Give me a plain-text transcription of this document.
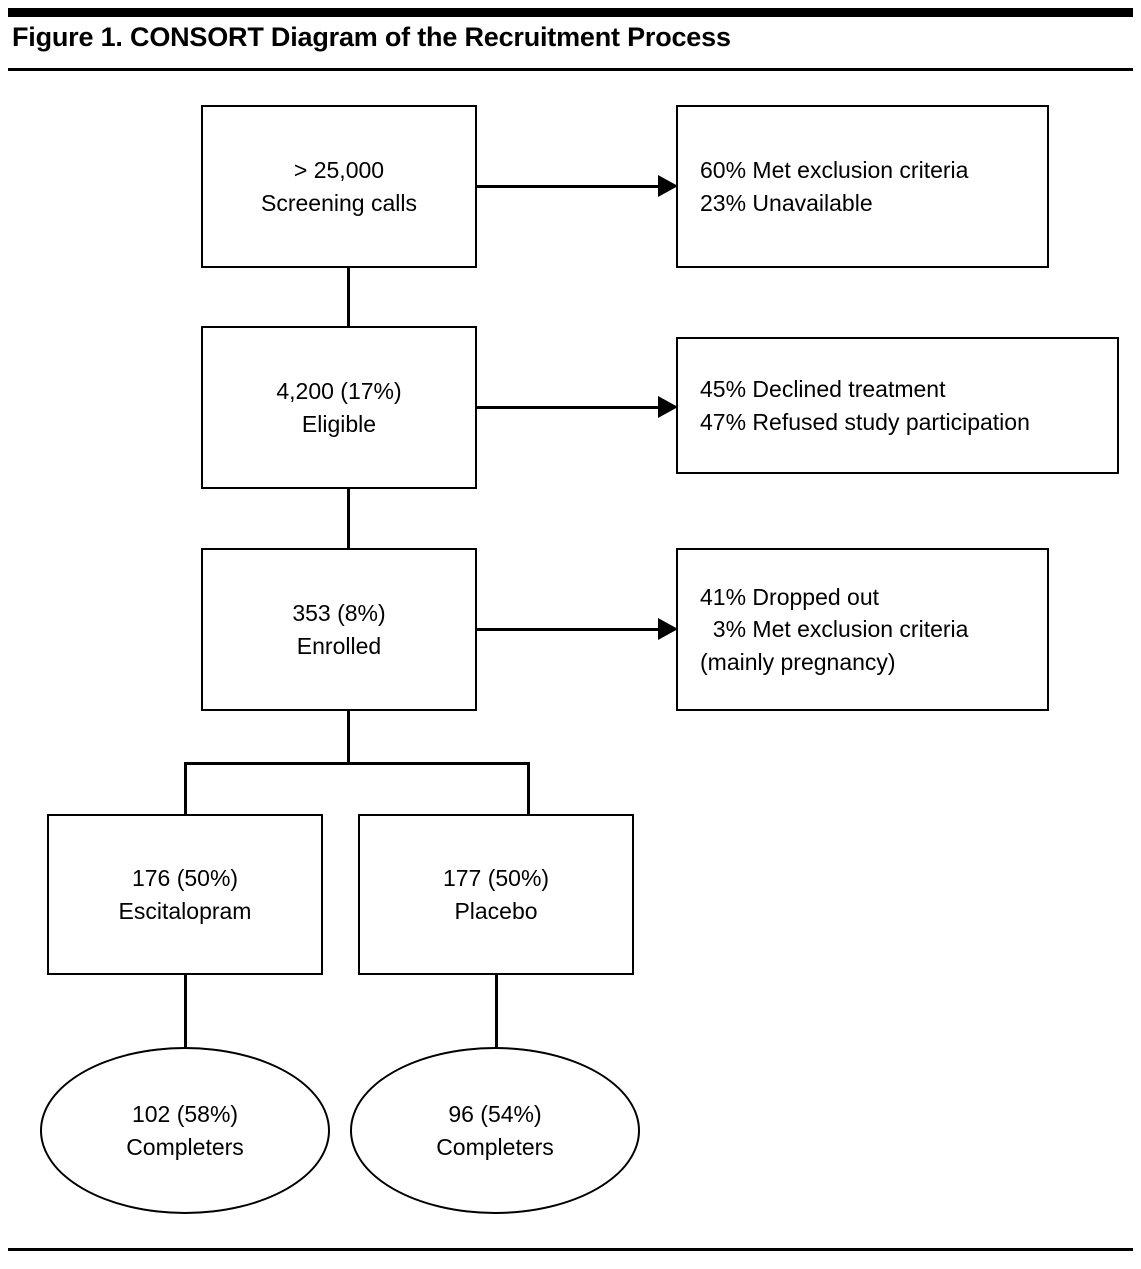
Figure 1. CONSORT Diagram of the Recruitment Process
> 25,000
Screening calls
60% Met exclusion criteria
23% Unavailable
4,200 (17%)
Eligible
45% Declined treatment
47% Refused study participation
353 (8%)
Enrolled
41% Dropped out
3% Met exclusion criteria
(mainly pregnancy)
176 (50%)
Escitalopram
177 (50%)
Placebo
102 (58%)
Completers
96 (54%)
Completers
